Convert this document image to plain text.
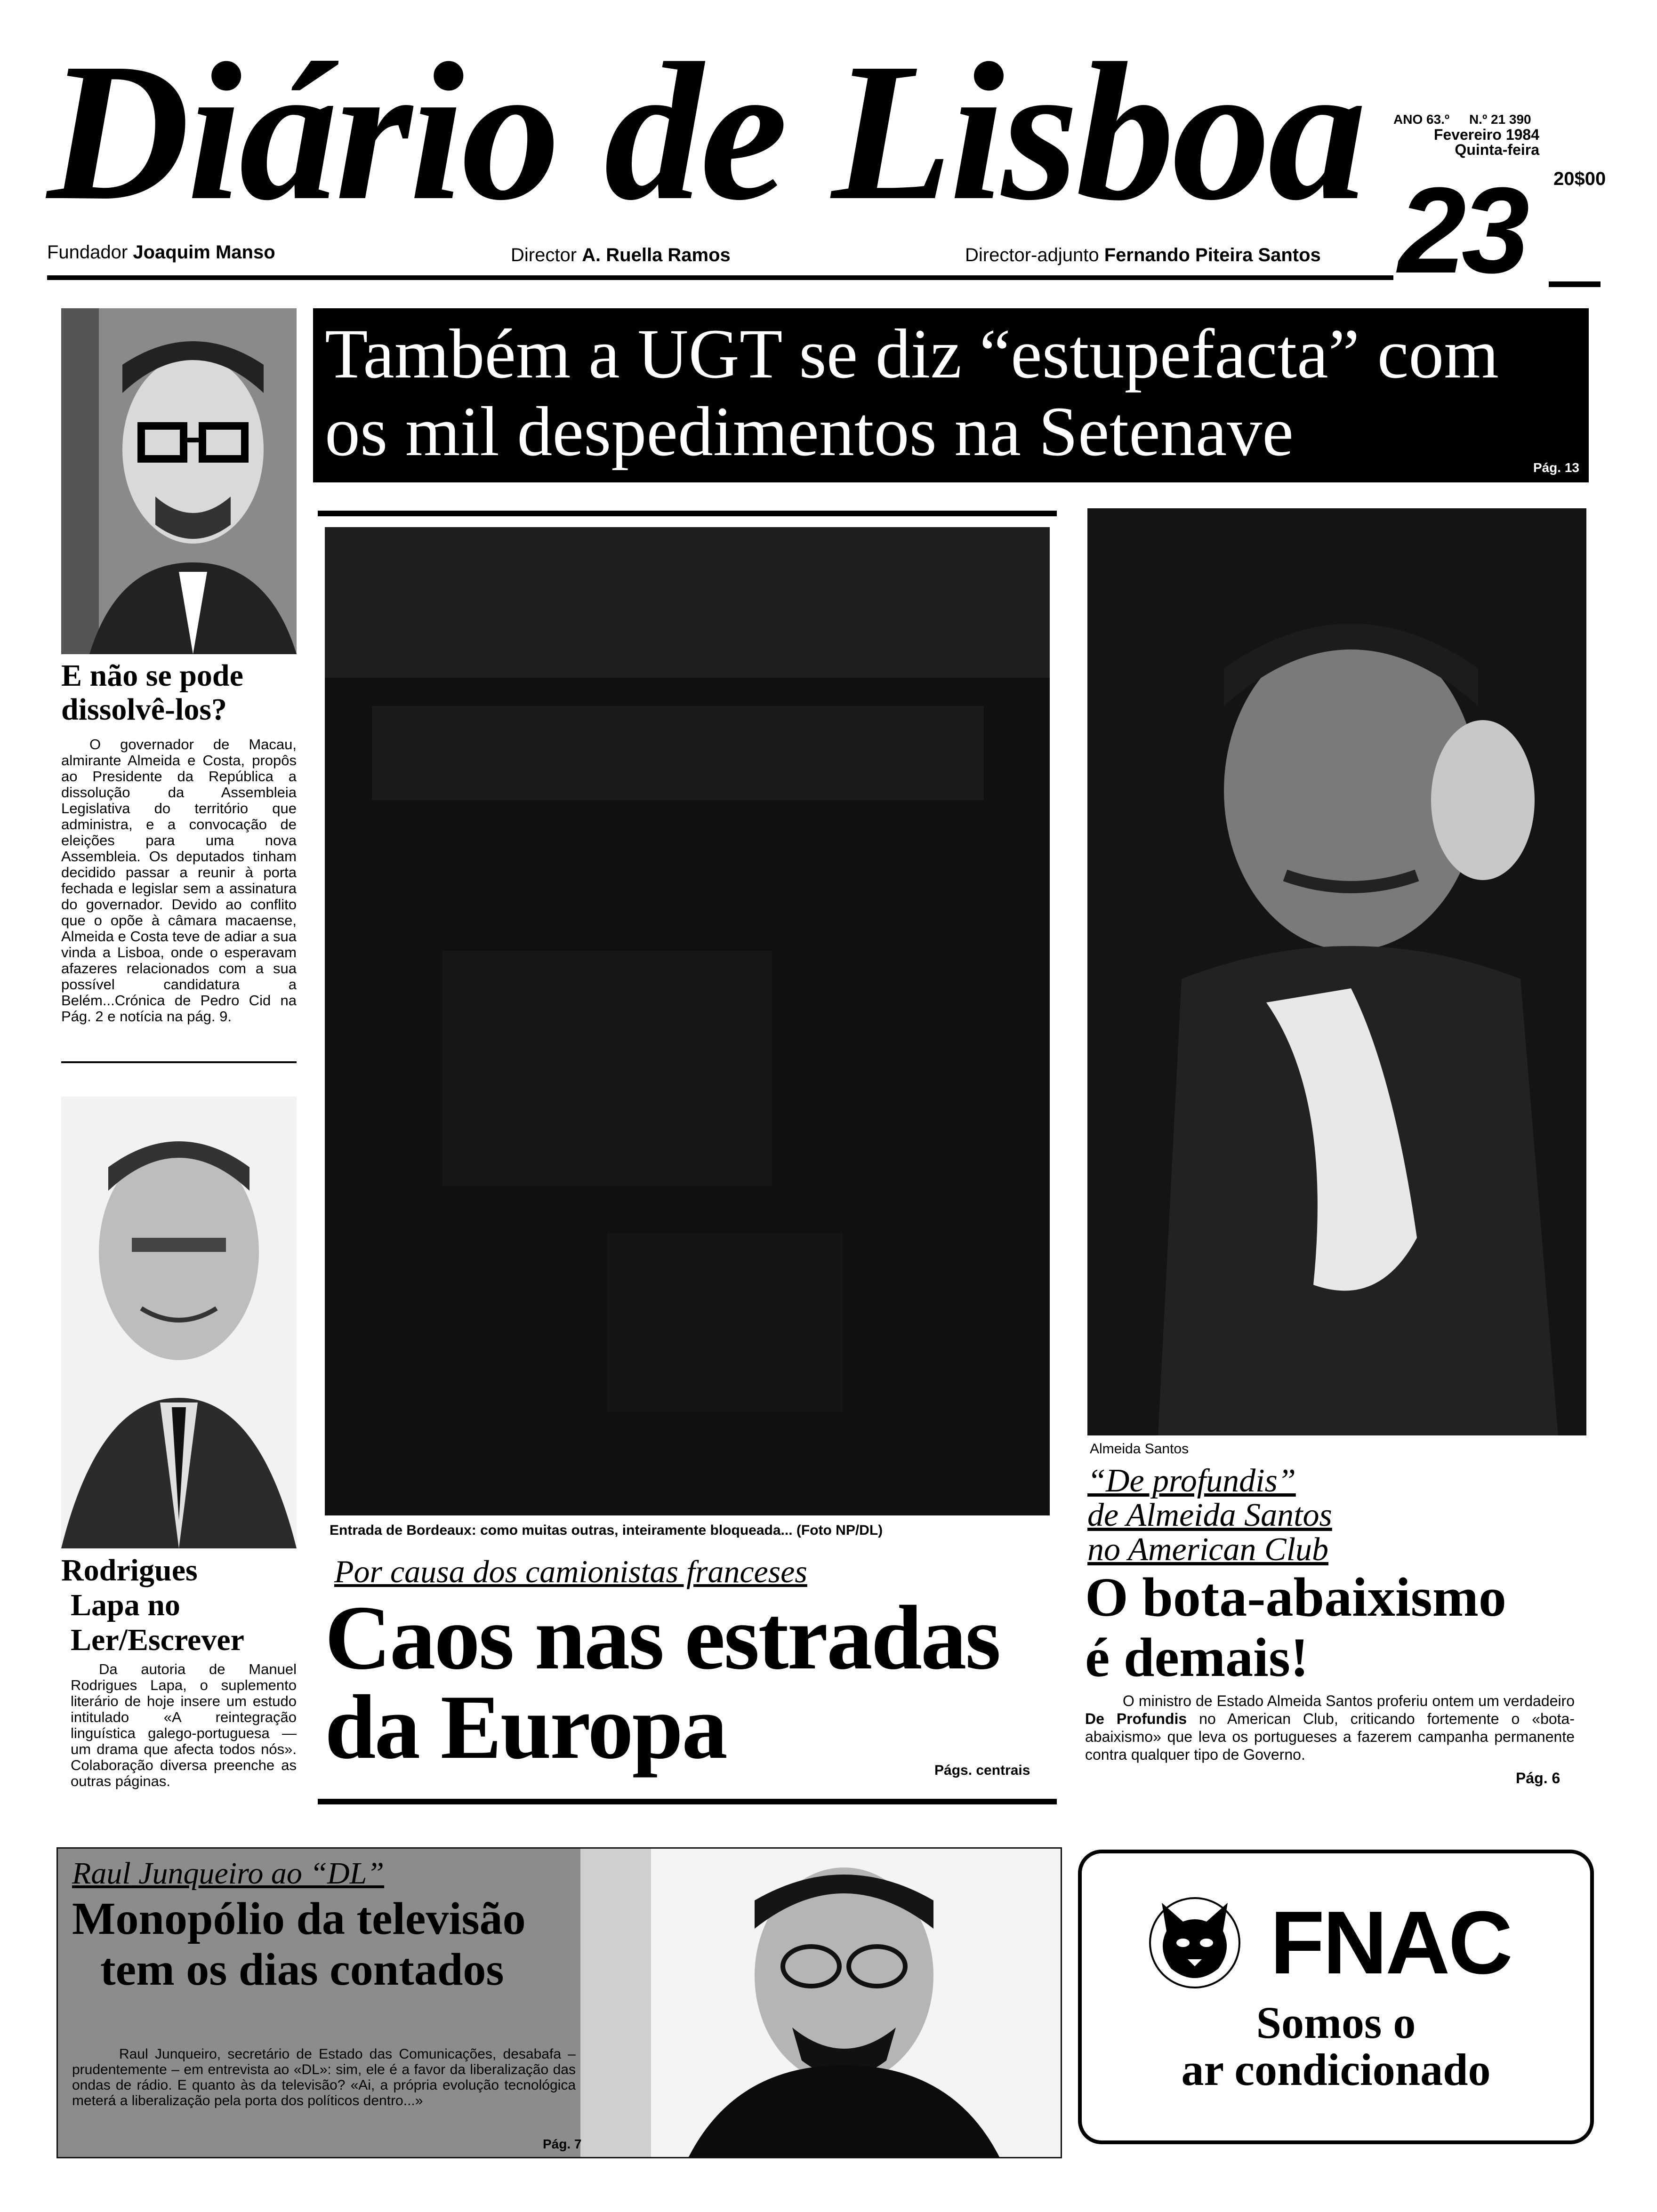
Diário de Lisboa ANO 63.º N.º 21 390
Fevereiro 1984
Quinta-feira
23	20$00
Fundador Joaquim Manso	Director A. Ruella Ramos	Director-adjunto Fernando Piteira Santos
Também a UGT se diz “estupefacta” com
os mil despedimentos na Setenave	Pág. 13
E não se pode
dissolvê-los?
O governador de Macau, almirante Almeida e Costa, propôs ao Presidente da República a dissolução da Assembleia Legislativa do território que administra, e a convocação de eleições para uma nova Assembleia. Os deputados tinham decidido passar a reunir à porta fechada e legislar sem a assinatura do governador. Devido ao conflito que o opõe à câmara macaense, Almeida e Costa teve de adiar a sua vinda a Lisboa, onde o esperavam afazeres relacionados com a sua possível candidatura a Belém...Crónica de Pedro Cid na Pág. 2 e notícia na pág. 9.
Rodrigues
Lapa no
Ler/Escrever
Da autoria de Manuel Rodrigues Lapa, o suplemento literário de hoje insere um estudo intitulado «A reintegração linguística galego-portuguesa — um drama que afecta todos nós». Colaboração diversa preenche as outras páginas.
Entrada de Bordeaux: como muitas outras, inteiramente bloqueada... (Foto NP/DL)
Por causa dos camionistas franceses
Caos nas estradas
da Europa	Págs. centrais
Almeida Santos
“De profundis”
de Almeida Santos
no American Club
O bota-abaixismo
é demais!
O ministro de Estado Almeida Santos proferiu ontem um verdadeiro De Profundis no American Club, criticando fortemente o «bota-abaixismo» que leva os portugueses a fazerem campanha permanente contra qualquer tipo de Governo.
Pág. 6
Raul Junqueiro ao “DL”
Monopólio da televisão
tem os dias contados
Raul Junqueiro, secretário de Estado das Comunicações, desabafa – prudentemente – em entrevista ao «DL»: sim, ele é a favor da liberalização das ondas de rádio. E quanto às da televisão? «Ai, a própria evolução tecnológica meterá a liberalização pela porta dos políticos dentro...»
Pág. 7
FNAC
Somos o
ar condicionado
